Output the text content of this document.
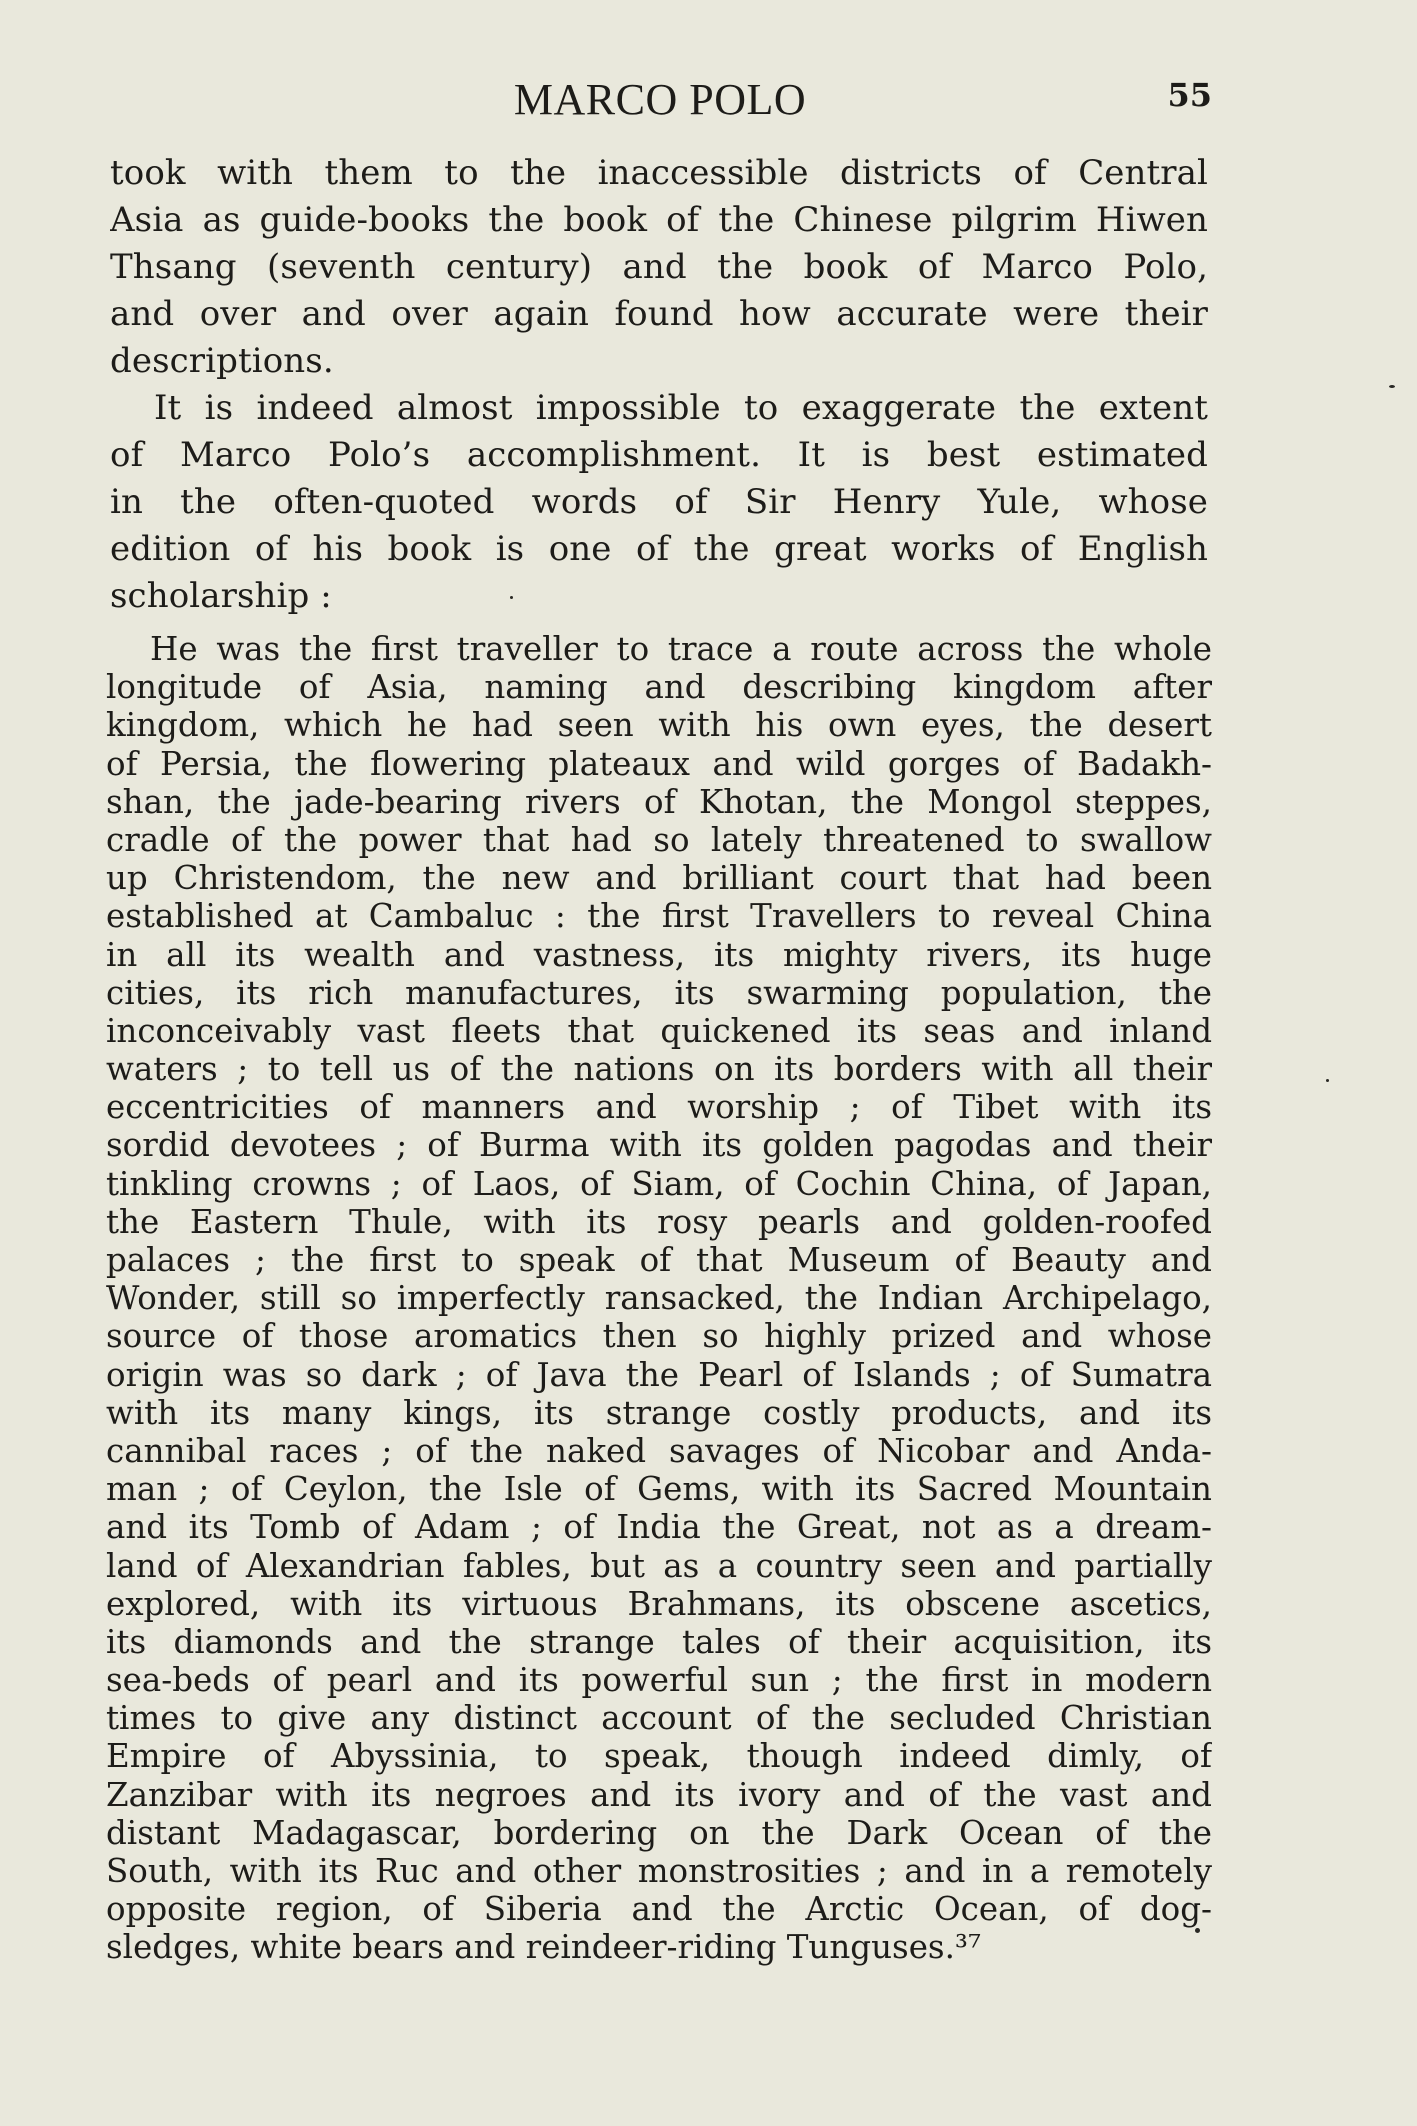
MARCO POLO	55
took with them to the inaccessible districts of Central
Asia as guide-books the book of the Chinese pilgrim Hiwen
Thsang (seventh century) and the book of Marco Polo,
and over and over again found how accurate were their
descriptions.
It is indeed almost impossible to exaggerate the extent
of Marco Polo’s accomplishment. It is best estimated
in the often-quoted words of Sir Henry Yule, whose
edition of his book is one of the great works of English
scholarship :
He was the first traveller to trace a route across the whole
longitude of Asia, naming and describing kingdom after
kingdom, which he had seen with his own eyes, the desert
of Persia, the flowering plateaux and wild gorges of Badakh-
shan, the jade-bearing rivers of Khotan, the Mongol steppes,
cradle of the power that had so lately threatened to swallow
up Christendom, the new and brilliant court that had been
established at Cambaluc : the first Travellers to reveal China
in all its wealth and vastness, its mighty rivers, its huge
cities, its rich manufactures, its swarming population, the
inconceivably vast fleets that quickened its seas and inland
waters ; to tell us of the nations on its borders with all their
eccentricities of manners and worship ; of Tibet with its
sordid devotees ; of Burma with its golden pagodas and their
tinkling crowns ; of Laos, of Siam, of Cochin China, of Japan,
the Eastern Thule, with its rosy pearls and golden-roofed
palaces ; the first to speak of that Museum of Beauty and
Wonder, still so imperfectly ransacked, the Indian Archipelago,
source of those aromatics then so highly prized and whose
origin was so dark ; of Java the Pearl of Islands ; of Sumatra
with its many kings, its strange costly products, and its
cannibal races ; of the naked savages of Nicobar and Anda-
man ; of Ceylon, the Isle of Gems, with its Sacred Mountain
and its Tomb of Adam ; of India the Great, not as a dream-
land of Alexandrian fables, but as a country seen and partially
explored, with its virtuous Brahmans, its obscene ascetics,
its diamonds and the strange tales of their acquisition, its
sea-beds of pearl and its powerful sun ; the first in modern
times to give any distinct account of the secluded Christian
Empire of Abyssinia, to speak, though indeed dimly, of
Zanzibar with its negroes and its ivory and of the vast and
distant Madagascar, bordering on the Dark Ocean of the
South, with its Ruc and other monstrosities ; and in a remotely
opposite region, of Siberia and the Arctic Ocean, of dog-
sledges, white bears and reindeer-riding Tunguses.³⁷
